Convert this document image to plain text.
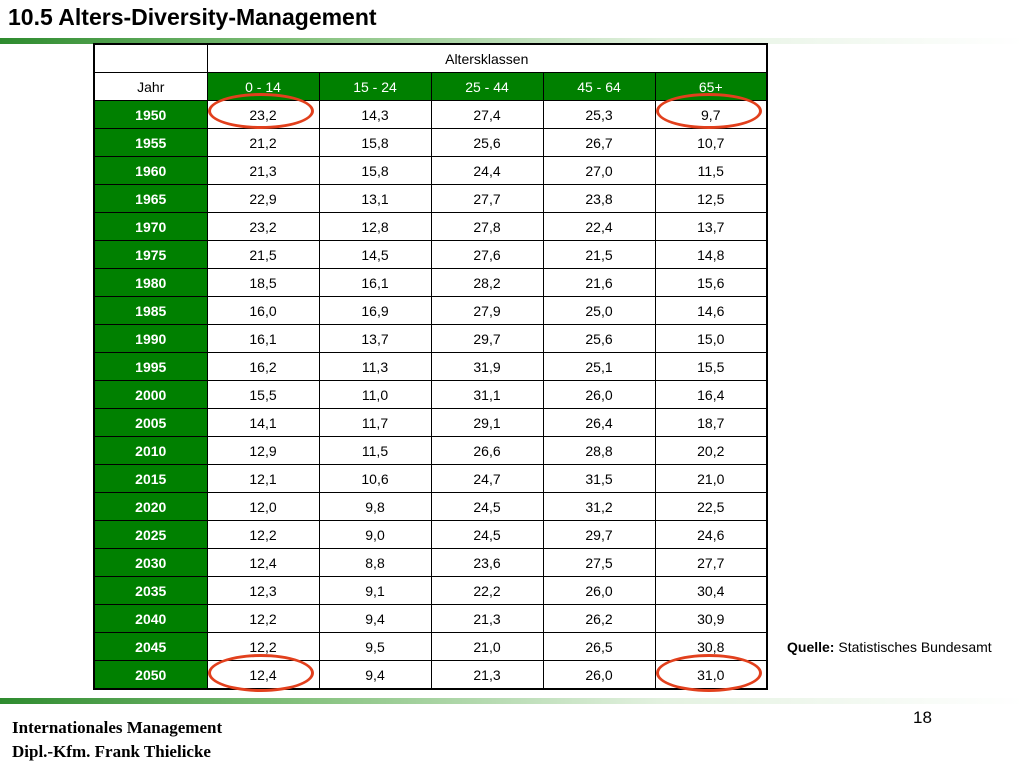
10.5 Alters-Diversity-Management
	Altersklassen				
Jahr	0 - 14	15 - 24	25 - 44	45 - 64	65+
1950	23,2	14,3	27,4	25,3	9,7
1955	21,2	15,8	25,6	26,7	10,7
1960	21,3	15,8	24,4	27,0	11,5
1965	22,9	13,1	27,7	23,8	12,5
1970	23,2	12,8	27,8	22,4	13,7
1975	21,5	14,5	27,6	21,5	14,8
1980	18,5	16,1	28,2	21,6	15,6
1985	16,0	16,9	27,9	25,0	14,6
1990	16,1	13,7	29,7	25,6	15,0
1995	16,2	11,3	31,9	25,1	15,5
2000	15,5	11,0	31,1	26,0	16,4
2005	14,1	11,7	29,1	26,4	18,7
2010	12,9	11,5	26,6	28,8	20,2
2015	12,1	10,6	24,7	31,5	21,0
2020	12,0	9,8	24,5	31,2	22,5
2025	12,2	9,0	24,5	29,7	24,6
2030	12,4	8,8	23,6	27,5	27,7
2035	12,3	9,1	22,2	26,0	30,4
2040	12,2	9,4	21,3	26,2	30,9
2045	12,2	9,5	21,0	26,5	30,8
2050	12,4	9,4	21,3	26,0	31,0
Quelle: Statistisches Bundesamt
18
Internationales Management
Dipl.-Kfm. Frank Thielicke
